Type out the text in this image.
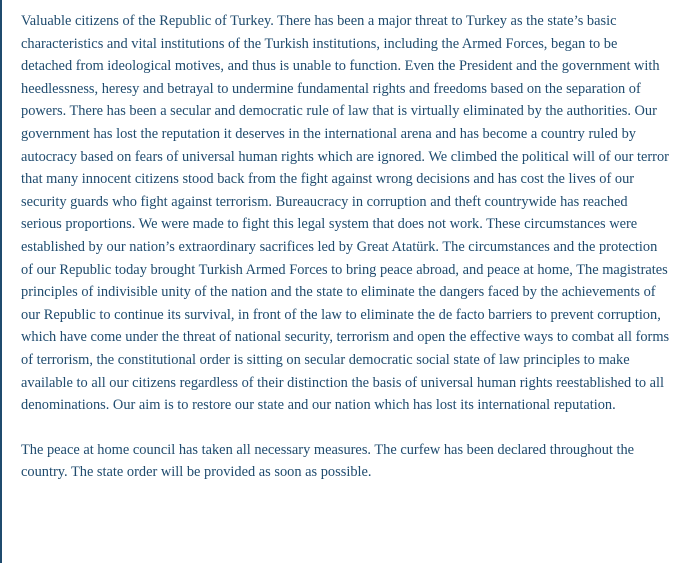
Valuable citizens of the Republic of Turkey. There has been a major threat to Turkey as the state’s basic characteristics and vital institutions of the Turkish institutions, including the Armed Forces, began to be detached from ideological motives, and thus is unable to function. Even the President and the government with heedlessness, heresy and betrayal to undermine fundamental rights and freedoms based on the separation of powers. There has been a secular and democratic rule of law that is virtually eliminated by the authorities. Our government has lost the reputation it deserves in the international arena and has become a country ruled by autocracy based on fears of universal human rights which are ignored. We climbed the political will of our terror that many innocent citizens stood back from the fight against wrong decisions and has cost the lives of our security guards who fight against terrorism. Bureaucracy in corruption and theft countrywide has reached serious proportions. We were made to fight this legal system that does not work. These circumstances were established by our nation’s extraordinary sacrifices led by Great Atatürk. The circumstances and the protection of our Republic today brought Turkish Armed Forces to bring peace abroad, and peace at home, The magistrates principles of indivisible unity of the nation and the state to eliminate the dangers faced by the achievements of our Republic to continue its survival, in front of the law to eliminate the de facto barriers to prevent corruption, which have come under the threat of national security, terrorism and open the effective ways to combat all forms of terrorism, the constitutional order is sitting on secular democratic social state of law principles to make available to all our citizens regardless of their distinction the basis of universal human rights reestablished to all denominations. Our aim is to restore our state and our nation which has lost its international reputation.

The peace at home council has taken all necessary measures. The curfew has been declared throughout the country. The state order will be provided as soon as possible.
